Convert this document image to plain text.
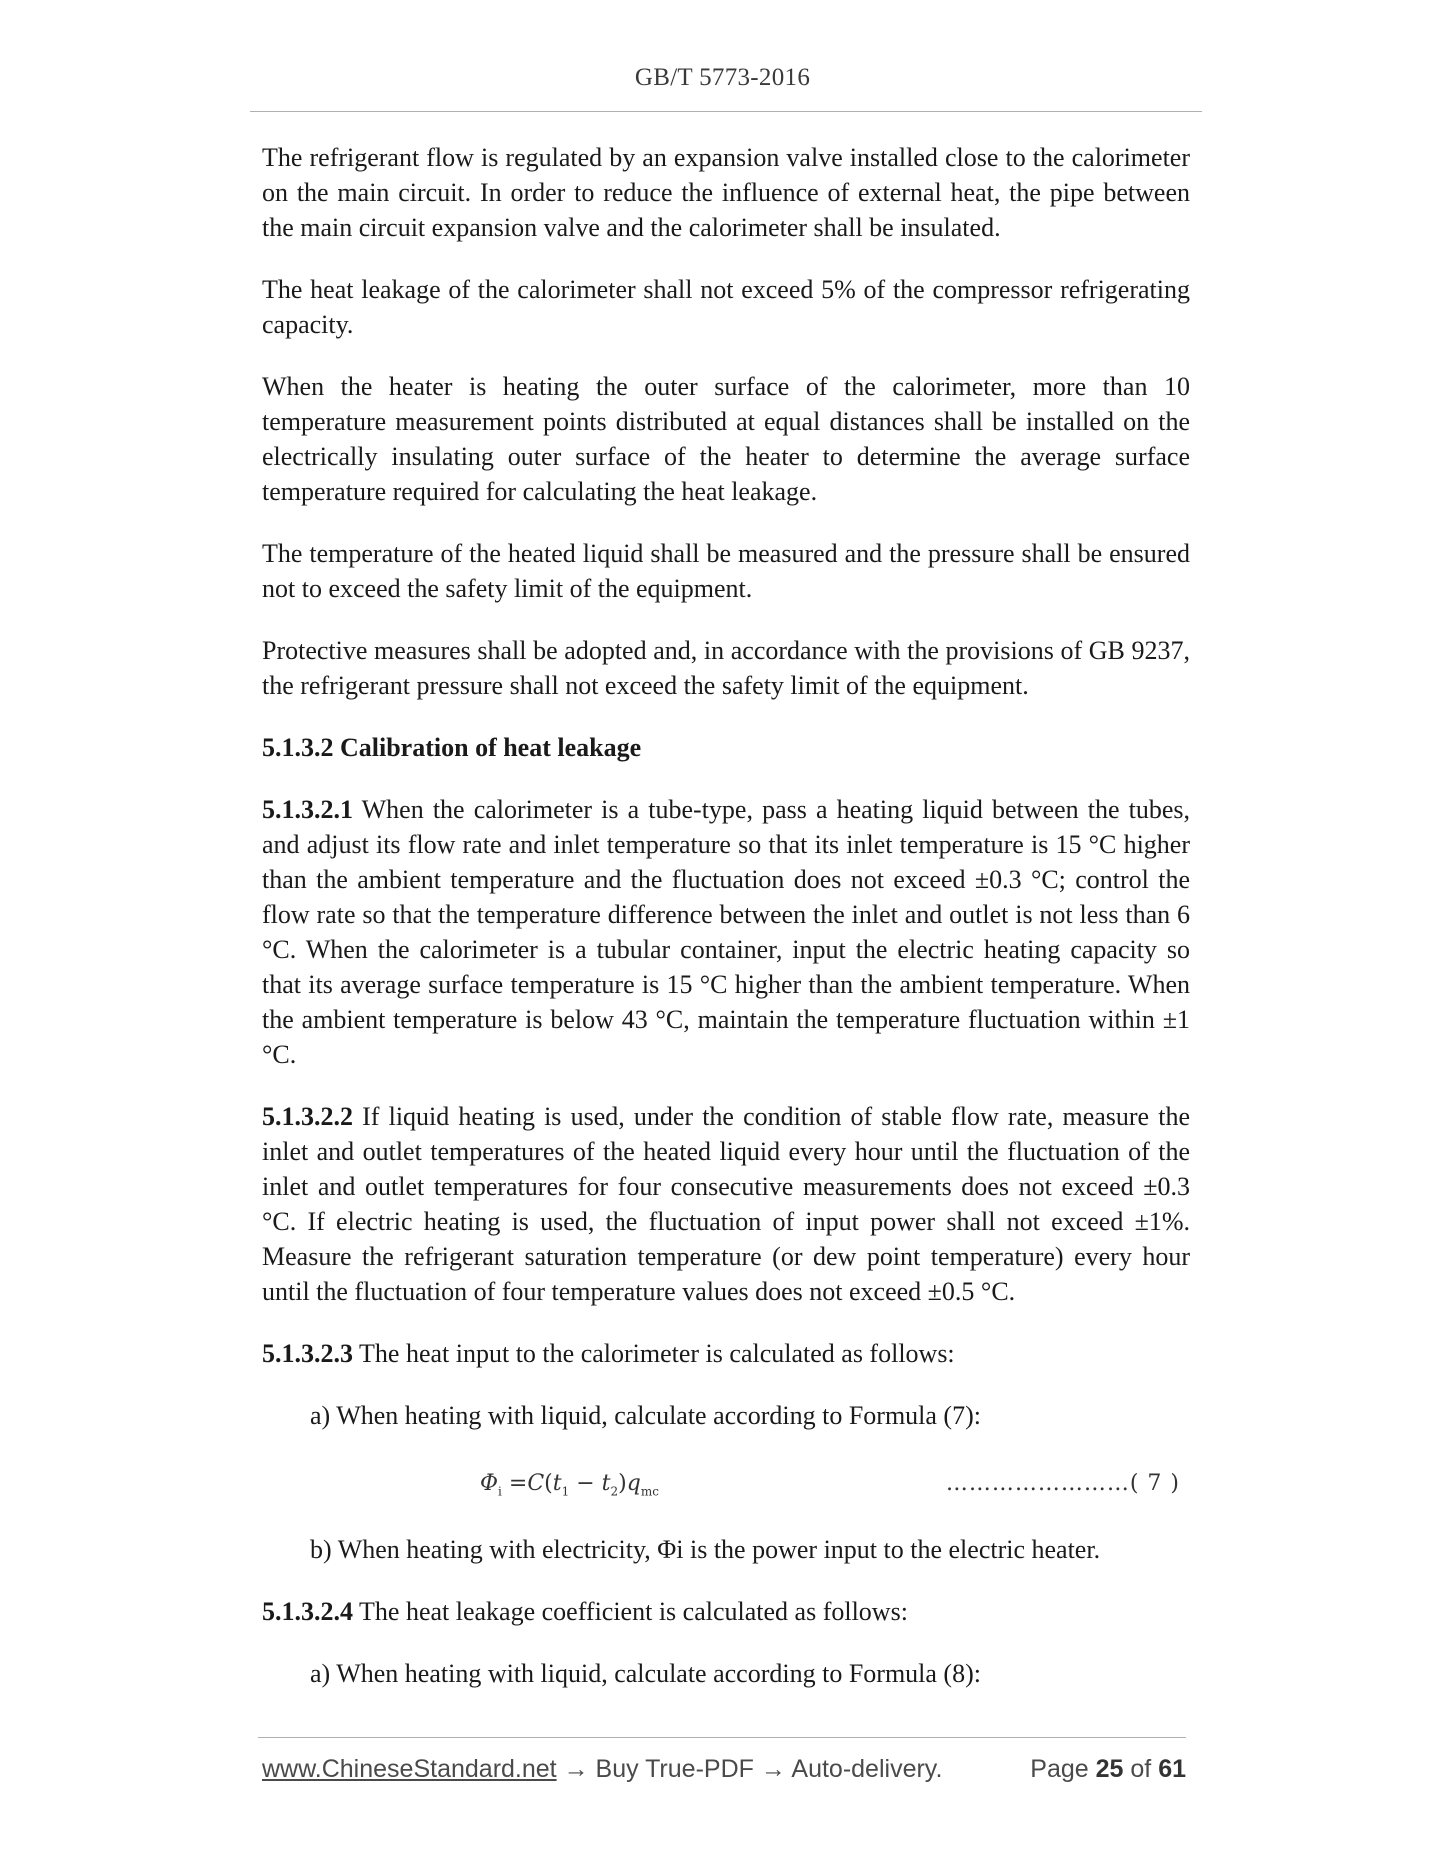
GB/T 5773-2016

The refrigerant flow is regulated by an expansion valve installed close to the calorimeter on the main circuit. In order to reduce the influence of external heat, the pipe between the main circuit expansion valve and the calorimeter shall be insulated.

The heat leakage of the calorimeter shall not exceed 5% of the compressor refrigerating capacity.

When the heater is heating the outer surface of the calorimeter, more than 10 temperature measurement points distributed at equal distances shall be installed on the electrically insulating outer surface of the heater to determine the average surface temperature required for calculating the heat leakage.

The temperature of the heated liquid shall be measured and the pressure shall be ensured not to exceed the safety limit of the equipment.

Protective measures shall be adopted and, in accordance with the provisions of GB 9237, the refrigerant pressure shall not exceed the safety limit of the equipment.

5.1.3.2 Calibration of heat leakage

5.1.3.2.1 When the calorimeter is a tube-type, pass a heating liquid between the tubes, and adjust its flow rate and inlet temperature so that its inlet temperature is 15 °C higher than the ambient temperature and the fluctuation does not exceed ±0.3 °C; control the flow rate so that the temperature difference between the inlet and outlet is not less than 6 °C. When the calorimeter is a tubular container, input the electric heating capacity so that its average surface temperature is 15 °C higher than the ambient temperature. When the ambient temperature is below 43 °C, maintain the temperature fluctuation within ±1 °C.

5.1.3.2.2 If liquid heating is used, under the condition of stable flow rate, measure the inlet and outlet temperatures of the heated liquid every hour until the fluctuation of the inlet and outlet temperatures for four consecutive measurements does not exceed ±0.3 °C. If electric heating is used, the fluctuation of input power shall not exceed ±1%. Measure the refrigerant saturation temperature (or dew point temperature) every hour until the fluctuation of four temperature values does not exceed ±0.5 °C.

5.1.3.2.3 The heat input to the calorimeter is calculated as follows:

a) When heating with liquid, calculate according to Formula (7):

$\Phi_i =C(t_1 - t_2)q_{mc}$	……………………( 7 )

b) When heating with electricity, Φi is the power input to the electric heater.

5.1.3.2.4 The heat leakage coefficient is calculated as follows:

a) When heating with liquid, calculate according to Formula (8):

www.ChineseStandard.net → Buy True-PDF → Auto-delivery.	Page 25 of 61
